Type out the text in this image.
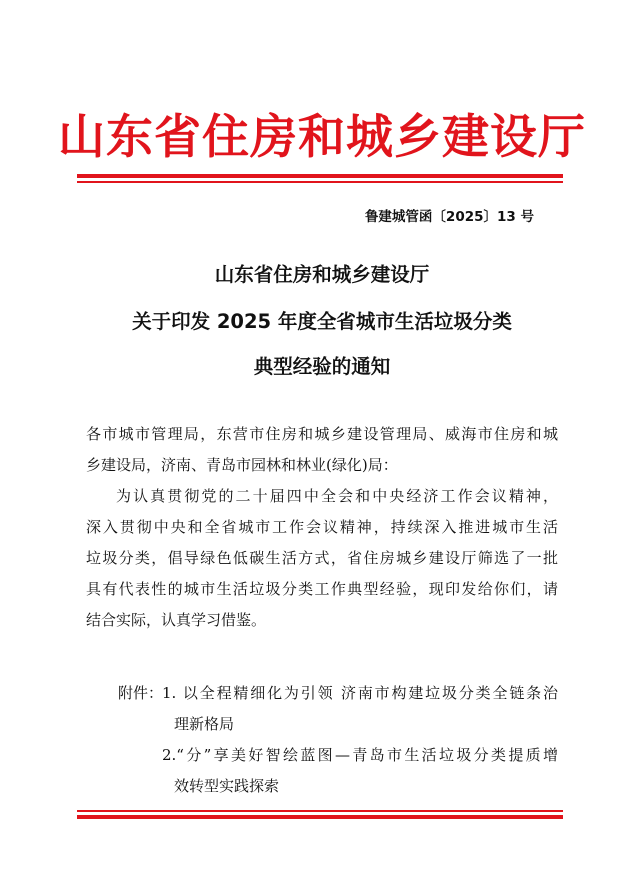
山东省住房和城乡建设厅
鲁建城管函〔2025〕13 号
山东省住房和城乡建设厅
关于印发 2025 年度全省城市生活垃圾分类
典型经验的通知
各市城市管理局，东营市住房和城乡建设管理局、威海市住房和城
乡建设局，济南、青岛市园林和林业(绿化)局：
为认真贯彻党的二十届四中全会和中央经济工作会议精神，
深入贯彻中央和全省城市工作会议精神，持续深入推进城市生活
垃圾分类，倡导绿色低碳生活方式，省住房城乡建设厅筛选了一批
具有代表性的城市生活垃圾分类工作典型经验，现印发给你们，请
结合实际，认真学习借鉴。
附件：
1. 以全程精细化为引领 济南市构建垃圾分类全链条治
理新格局
2.“分”享美好智绘蓝图—青岛市生活垃圾分类提质增
效转型实践探索
